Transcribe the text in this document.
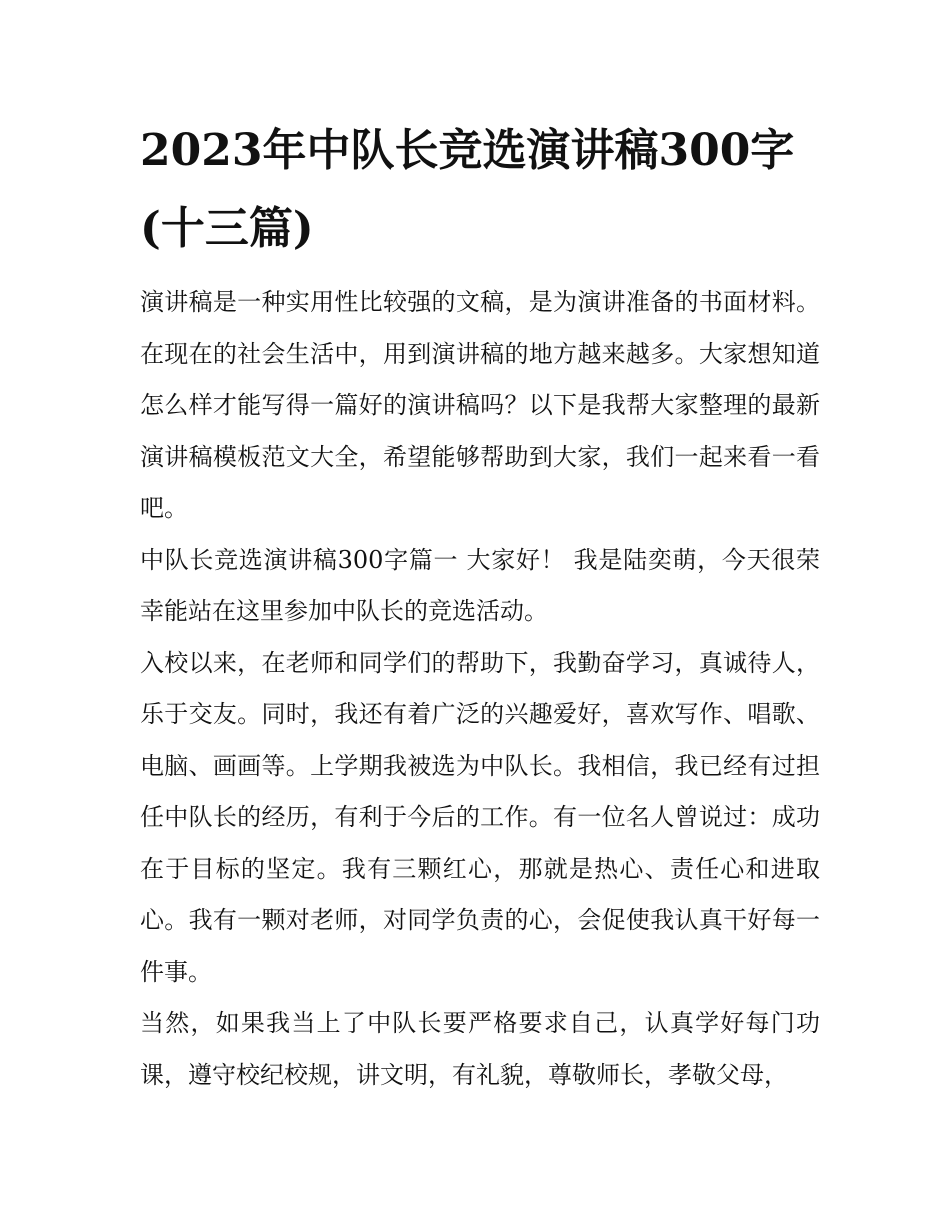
2023年中队长竞选演讲稿300字(十三篇)

演讲稿是一种实用性比较强的文稿，是为演讲准备的书面材料。在现在的社会生活中，用到演讲稿的地方越来越多。大家想知道怎么样才能写得一篇好的演讲稿吗？以下是我帮大家整理的最新演讲稿模板范文大全，希望能够帮助到大家，我们一起来看一看吧。

中队长竞选演讲稿300字篇一 大家好！ 我是陆奕萌，今天很荣幸能站在这里参加中队长的竞选活动。

入校以来，在老师和同学们的帮助下，我勤奋学习，真诚待人，乐于交友。同时，我还有着广泛的兴趣爱好，喜欢写作、唱歌、电脑、画画等。上学期我被选为中队长。我相信，我已经有过担任中队长的经历，有利于今后的工作。有一位名人曾说过：成功在于目标的坚定。我有三颗红心，那就是热心、责任心和进取心。我有一颗对老师，对同学负责的心，会促使我认真干好每一件事。

当然，如果我当上了中队长要严格要求自己，认真学好每门功课，遵守校纪校规，讲文明，有礼貌，尊敬师长，孝敬父母，
